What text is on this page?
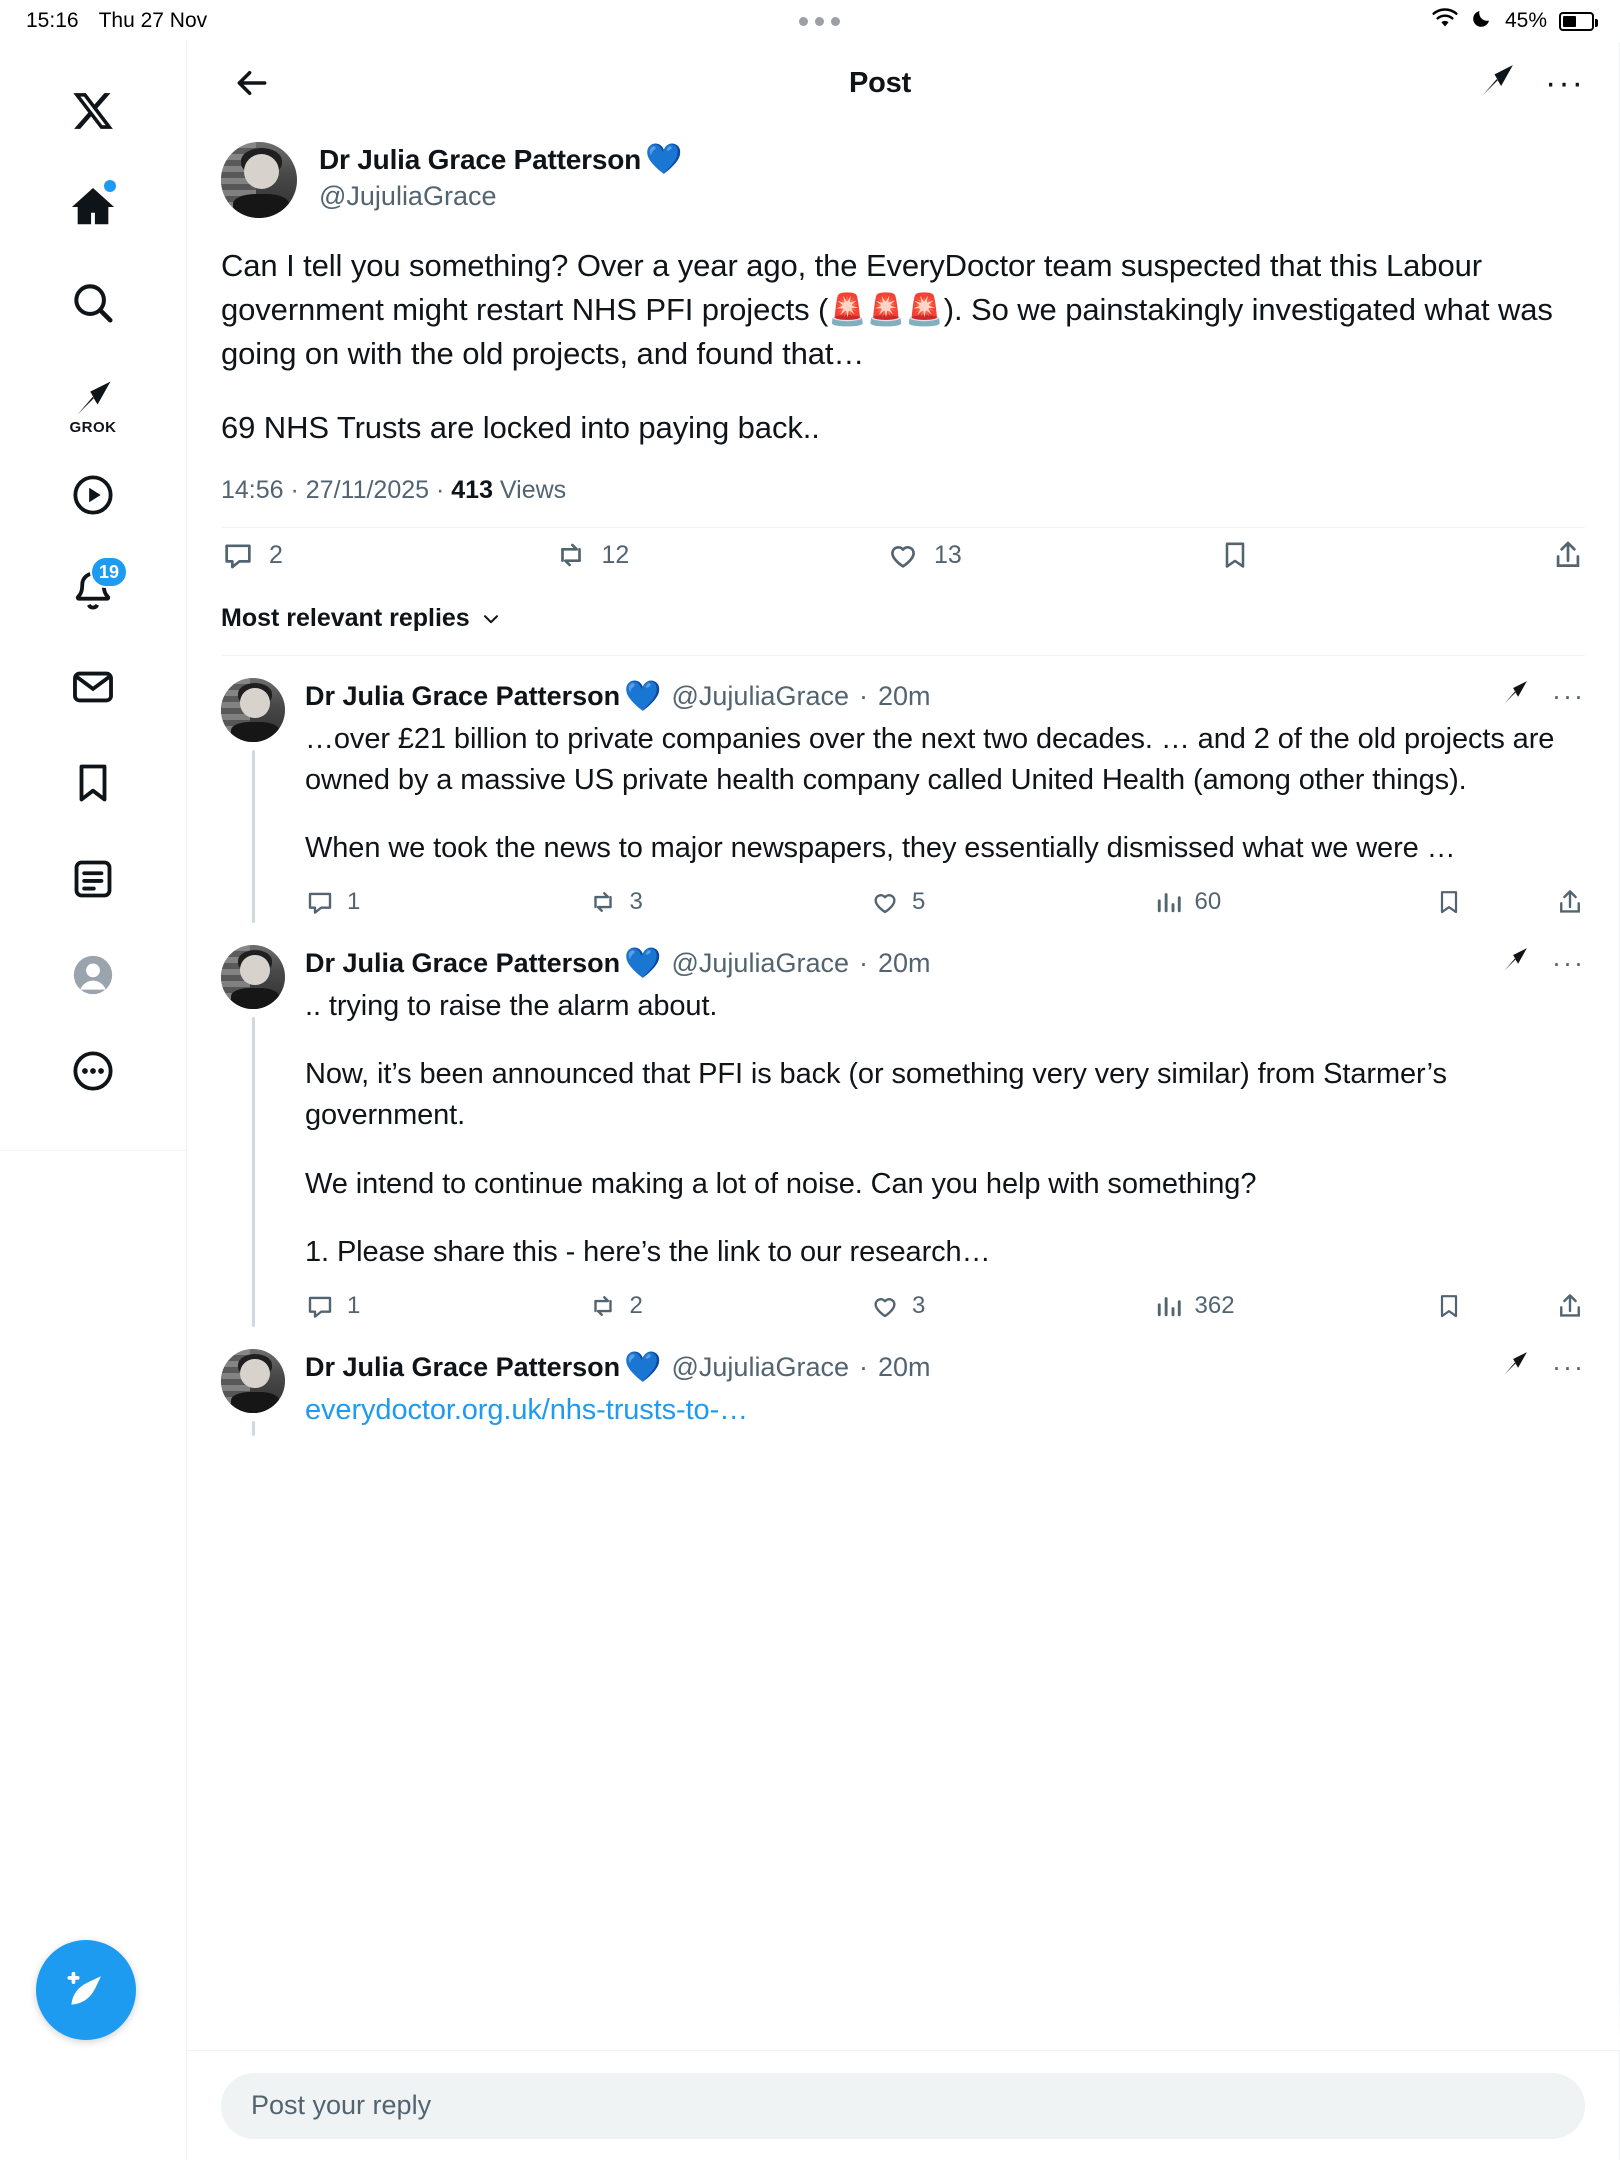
15:16 Thu 27 Nov	45%
GROK
19
Post	···
Dr Julia Grace Patterson 💙
@JujuliaGrace

Can I tell you something? Over a year ago, the EveryDoctor team suspected that this Labour government might restart NHS PFI projects (🚨🚨🚨). So we painstakingly investigated what was going on with the old projects, and found that…

69 NHS Trusts are locked into paying back..

14:56 · 27/11/2025 · 413 Views
2	12	13
Most relevant replies
Dr Julia Grace Patterson 💙 @JujuliaGrace · 20m	···

…over £21 billion to private companies over the next two decades. … and 2 of the old projects are owned by a massive US private health company called United Health (among other things).

When we took the news to major newspapers, they essentially dismissed what we were …

1	3	5	60
Dr Julia Grace Patterson 💙 @JujuliaGrace · 20m	···

.. trying to raise the alarm about.

Now, it’s been announced that PFI is back (or something very very similar) from Starmer’s government.

We intend to continue making a lot of noise. Can you help with something?

1. Please share this - here’s the link to our research…

1	2	3	362
Dr Julia Grace Patterson 💙 @JujuliaGrace · 20m	···

everydoctor.org.uk/nhs-trusts-to-…

Post your reply
